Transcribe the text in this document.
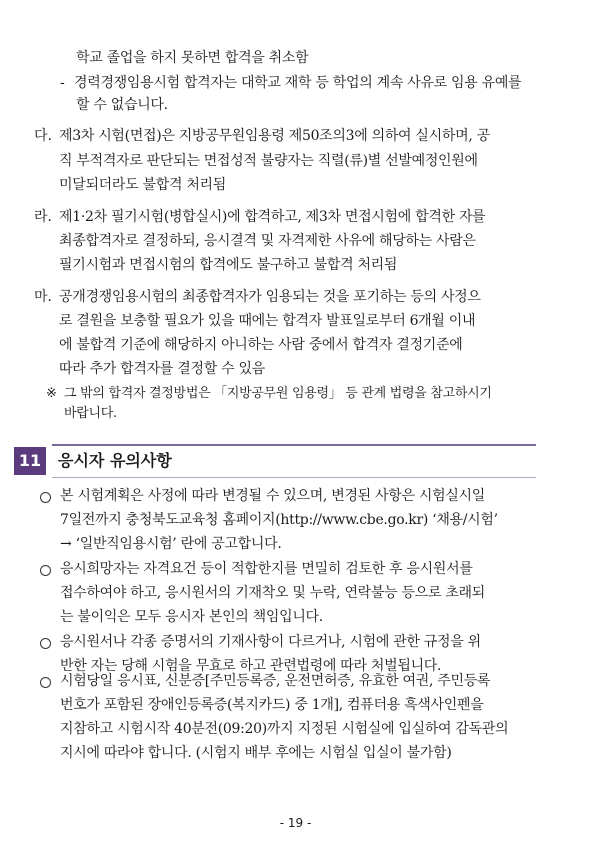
학교 졸업을 하지 못하면 합격을 취소함
- 경력경쟁임용시험 합격자는 대학교 재학 등 학업의 계속 사유로 임용 유예를
할 수 없습니다.
다. 제3차 시험(면접)은 지방공무원임용령 제50조의3에 의하여 실시하며, 공
직 부적격자로 판단되는 면접성적 불량자는 직렬(류)별 선발예정인원에
미달되더라도 불합격 처리됨
라. 제1·2차 필기시험(병합실시)에 합격하고, 제3차 면접시험에 합격한 자를
최종합격자로 결정하되, 응시결격 및 자격제한 사유에 해당하는 사람은
필기시험과 면접시험의 합격에도 불구하고 불합격 처리됨
마. 공개경쟁임용시험의 최종합격자가 임용되는 것을 포기하는 등의 사정으
로 결원을 보충할 필요가 있을 때에는 합격자 발표일로부터 6개월 이내
에 불합격 기준에 해당하지 아니하는 사람 중에서 합격자 결정기준에
따라 추가 합격자를 결정할 수 있음
※ 그 밖의 합격자 결정방법은 「지방공무원 임용령」 등 관계 법령을 참고하시기
바랍니다.
11	응시자 유의사항
본 시험계획은 사정에 따라 변경될 수 있으며, 변경된 사항은 시험실시일
7일전까지 충청북도교육청 홈페이지(http://www.cbe.go.kr) ‘채용/시험’
→ ‘일반직임용시험’ 란에 공고합니다.
응시희망자는 자격요건 등이 적합한지를 면밀히 검토한 후 응시원서를
접수하여야 하고, 응시원서의 기재착오 및 누락, 연락불능 등으로 초래되
는 불이익은 모두 응시자 본인의 책임입니다.
응시원서나 각종 증명서의 기재사항이 다르거나, 시험에 관한 규정을 위
반한 자는 당해 시험을 무효로 하고 관련법령에 따라 처벌됩니다.
시험당일 응시표, 신분증[주민등록증, 운전면허증, 유효한 여권, 주민등록
번호가 포함된 장애인등록증(복지카드) 중 1개], 컴퓨터용 흑색사인펜을
지참하고 시험시작 40분전(09:20)까지 지정된 시험실에 입실하여 감독관의
지시에 따라야 합니다. (시험지 배부 후에는 시험실 입실이 불가함)
- 19 -
